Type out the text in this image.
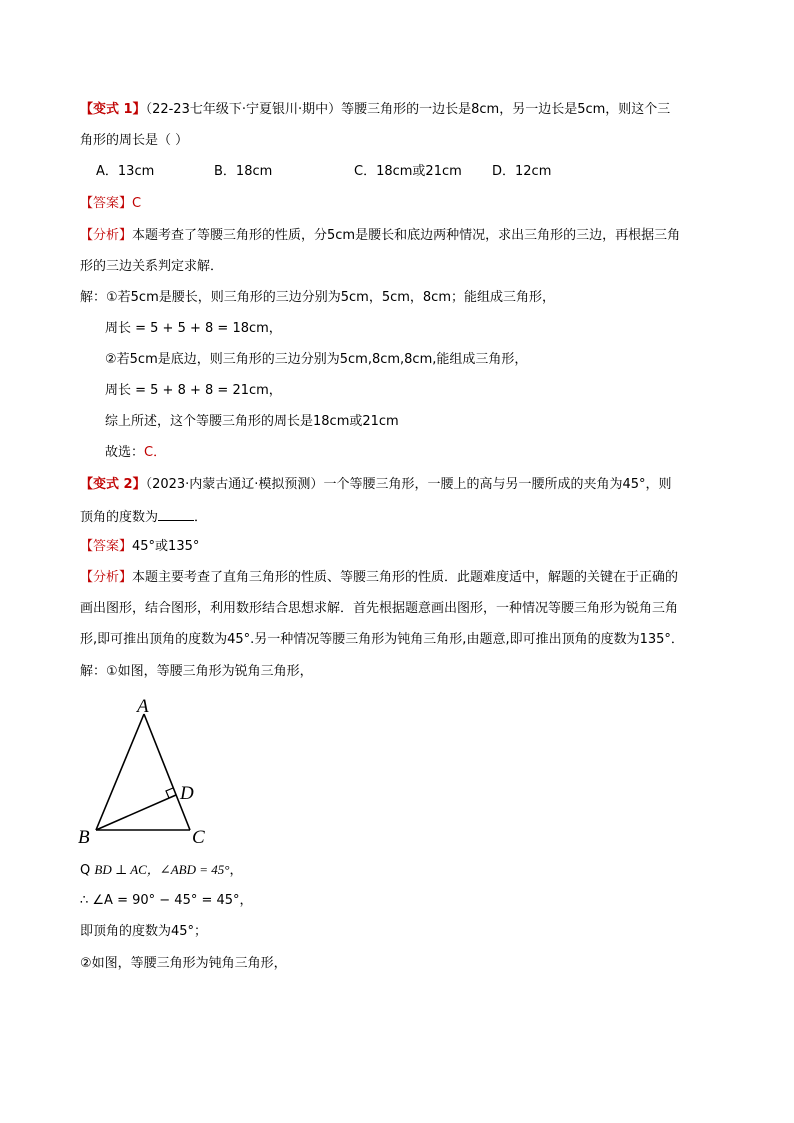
【变式 1】（22-23七年级下·宁夏银川·期中）等腰三角形的一边长是8cm，另一边长是5cm，则这个三
角形的周长是（ ）
A．13cm	B．18cm	C．18cm或21cm D．12cm
【答案】C
【分析】本题考查了等腰三角形的性质，分5cm是腰长和底边两种情况，求出三角形的三边，再根据三角
形的三边关系判定求解．
解：①若5cm是腰长，则三角形的三边分别为5cm，5cm，8cm；能组成三角形，
周长 = 5 + 5 + 8 = 18cm，
②若5cm是底边，则三角形的三边分别为5cm,8cm,8cm,能组成三角形，
周长 = 5 + 8 + 8 = 21cm，
综上所述，这个等腰三角形的周长是18cm或21cm
故选：C．
【变式 2】（2023·内蒙古通辽·模拟预测）一个等腰三角形，一腰上的高与另一腰所成的夹角为45°，则
顶角的度数为	．
【答案】45°或135°
【分析】本题主要考查了直角三角形的性质、等腰三角形的性质．此题难度适中，解题的关键在于正确的
画出图形，结合图形，利用数形结合思想求解．首先根据题意画出图形，一种情况等腰三角形为锐角三角
形,即可推出顶角的度数为45°.另一种情况等腰三角形为钝角三角形,由题意,即可推出顶角的度数为135°．
解：①如图，等腰三角形为锐角三角形，
A
B	C
D
Q BD ⊥ AC，∠ABD = 45°，
∴ ∠A = 90° − 45° = 45°，
即顶角的度数为45°；
②如图，等腰三角形为钝角三角形，
